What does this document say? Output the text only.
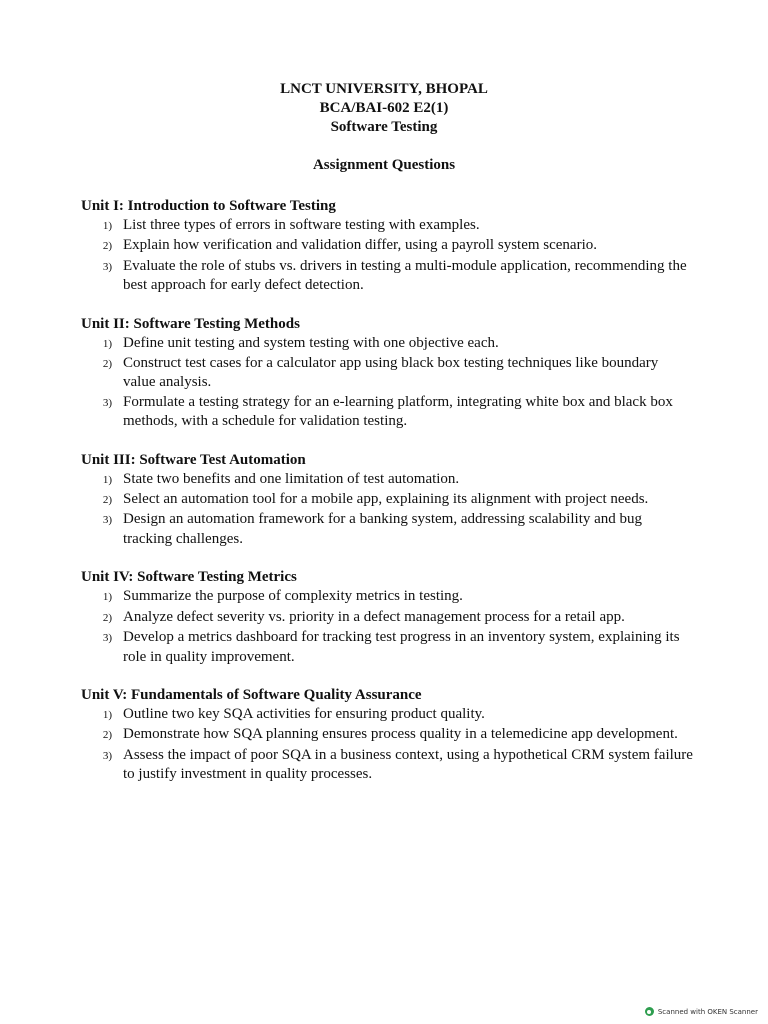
LNCT UNIVERSITY, BHOPAL
BCA/BAI-602 E2(1)
Software Testing
Assignment Questions
Unit I: Introduction to Software Testing
1) List three types of errors in software testing with examples.
2) Explain how verification and validation differ, using a payroll system scenario.
3) Evaluate the role of stubs vs. drivers in testing a multi-module application, recommending the best approach for early defect detection.
Unit II: Software Testing Methods
1) Define unit testing and system testing with one objective each.
2) Construct test cases for a calculator app using black box testing techniques like boundary value analysis.
3) Formulate a testing strategy for an e-learning platform, integrating white box and black box methods, with a schedule for validation testing.
Unit III: Software Test Automation
1) State two benefits and one limitation of test automation.
2) Select an automation tool for a mobile app, explaining its alignment with project needs.
3) Design an automation framework for a banking system, addressing scalability and bug tracking challenges.
Unit IV: Software Testing Metrics
1) Summarize the purpose of complexity metrics in testing.
2) Analyze defect severity vs. priority in a defect management process for a retail app.
3) Develop a metrics dashboard for tracking test progress in an inventory system, explaining its role in quality improvement.
Unit V: Fundamentals of Software Quality Assurance
1) Outline two key SQA activities for ensuring product quality.
2) Demonstrate how SQA planning ensures process quality in a telemedicine app development.
3) Assess the impact of poor SQA in a business context, using a hypothetical CRM system failure to justify investment in quality processes.
Scanned with OKEN Scanner
